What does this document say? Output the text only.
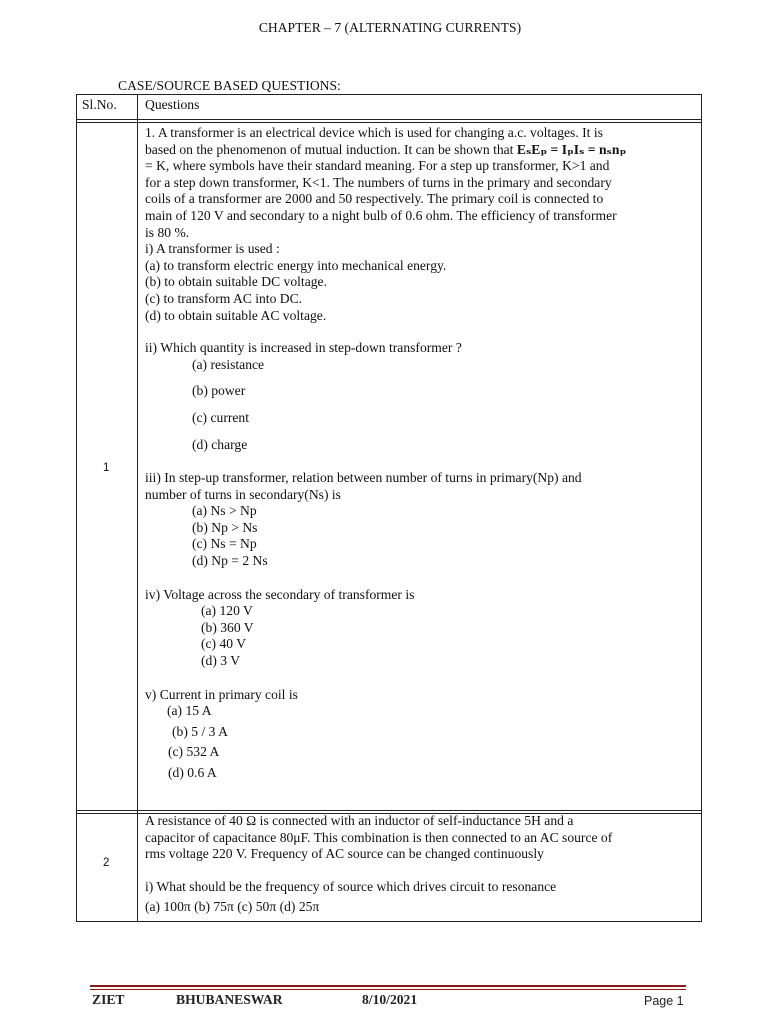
CHAPTER – 7 (ALTERNATING CURRENTS)
CASE/SOURCE BASED QUESTIONS:
Sl.No. Questions
1
1. A transformer is an electrical device which is used for changing a.c. voltages. It is
based on the phenomenon of mutual induction. It can be shown that EₛEₚ = IₚIₛ = nₛnₚ
= K, where symbols have their standard meaning. For a step up transformer, K>1 and
for a step down transformer, K<1. The numbers of turns in the primary and secondary
coils of a transformer are 2000 and 50 respectively. The primary coil is connected to
main of 120 V and secondary to a night bulb of 0.6 ohm. The efficiency of transformer
is 80 %.
i) A transformer is used :
(a) to transform electric energy into mechanical energy.
(b) to obtain suitable DC voltage.
(c) to transform AC into DC.
(d) to obtain suitable AC voltage.
ii) Which quantity is increased in step-down transformer ?
(a) resistance
(b) power
(c) current
(d) charge
iii) In step-up transformer, relation between number of turns in primary(Np) and
number of turns in secondary(Ns) is
(a) Ns > Np
(b) Np > Ns
(c) Ns = Np
(d) Np = 2 Ns
iv) Voltage across the secondary of transformer is
(a) 120 V
(b) 360 V
(c) 40 V
(d) 3 V
v) Current in primary coil is
(a) 15 A
(b) 5 / 3 A
(c) 532 A
(d) 0.6 A
2
A resistance of 40 Ω is connected with an inductor of self-inductance 5H and a
capacitor of capacitance 80μF. This combination is then connected to an AC source of
rms voltage 220 V. Frequency of AC source can be changed continuously
i) What should be the frequency of source which drives circuit to resonance
(a) 100π (b) 75π (c) 50π (d) 25π
ZIET	BHUBANESWAR	8/10/2021	Page 1
